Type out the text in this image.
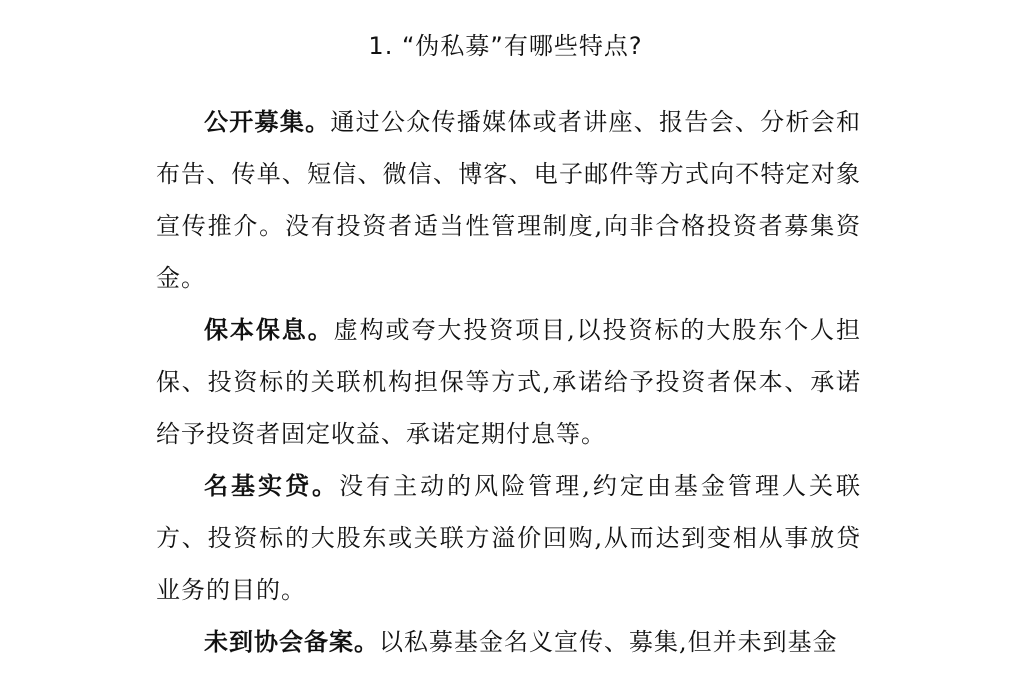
1. “伪私募”有哪些特点?

公开募集。通过公众传播媒体或者讲座、报告会、分析会和布告、传单、短信、微信、博客、电子邮件等方式向不特定对象宣传推介。没有投资者适当性管理制度,向非合格投资者募集资金。

保本保息。虚构或夸大投资项目,以投资标的大股东个人担保、投资标的关联机构担保等方式,承诺给予投资者保本、承诺给予投资者固定收益、承诺定期付息等。

名基实贷。没有主动的风险管理,约定由基金管理人关联方、投资标的大股东或关联方溢价回购,从而达到变相从事放贷业务的目的。

未到协会备案。以私募基金名义宣传、募集,但并未到基金
